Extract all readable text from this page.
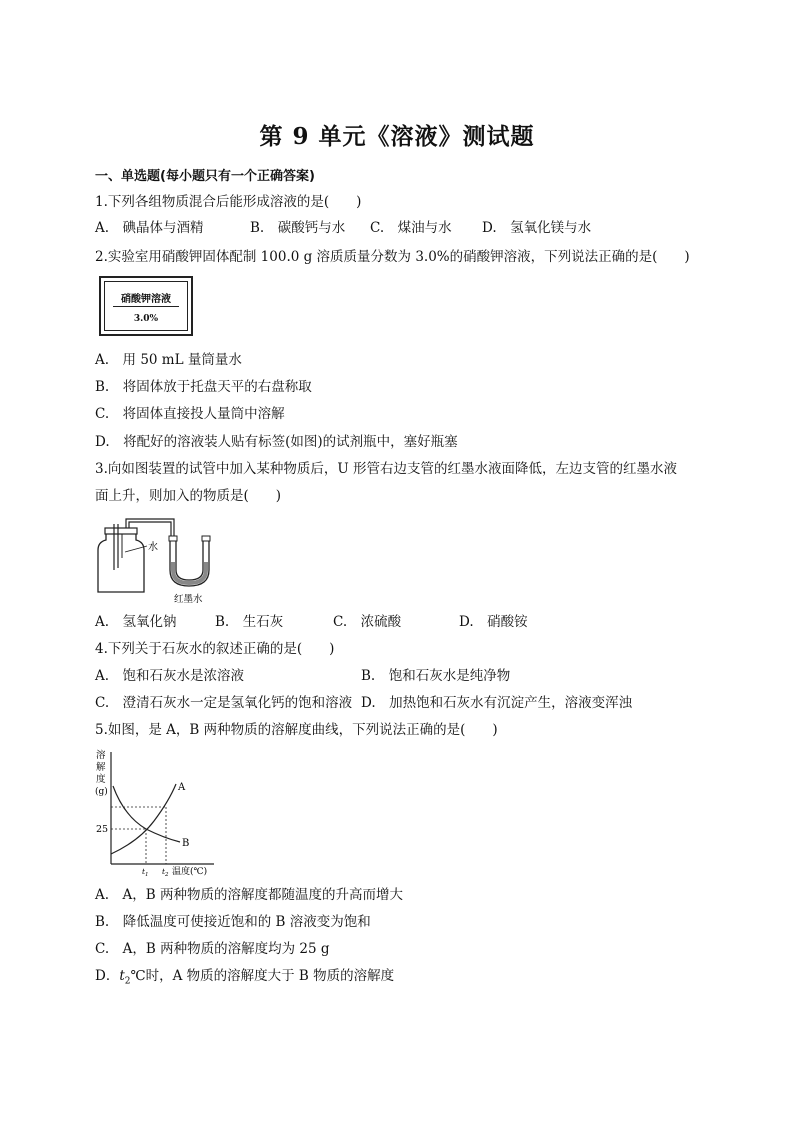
第 9 单元《溶液》测试题
一、单选题(每小题只有一个正确答案)
1.下列各组物质混合后能形成溶液的是(　　)
A.　碘晶体与酒精	B.　碳酸钙与水 C.　煤油与水 D.　氢氧化镁与水
2.实验室用硝酸钾固体配制 100.0 g 溶质质量分数为 3.0%的硝酸钾溶液，下列说法正确的是(　　)
硝酸钾溶液
3.0%
A.　用 50 mL 量筒量水
B.　将固体放于托盘天平的右盘称取
C.　将固体直接投人量筒中溶解
D.　将配好的溶液装人贴有标签(如图)的试剂瓶中，塞好瓶塞
3.向如图装置的试管中加入某种物质后，U 形管右边支管的红墨水液面降低，左边支管的红墨水液
面上升，则加入的物质是(　　)
水
红墨水
A.　氢氧化钠	B.　生石灰	C.　浓硫酸	D.　硝酸铵
4.下列关于石灰水的叙述正确的是(　　)
A.　饱和石灰水是浓溶液	B.　饱和石灰水是纯净物
C.　澄清石灰水一定是氢氧化钙的饱和溶液 D.　加热饱和石灰水有沉淀产生，溶液变浑浊
5.如图，是 A，B 两种物质的溶解度曲线，下列说法正确的是(　　)
溶
解
度
(g)	A
B
25
$t_1$ $t_2$ 温度(℃)
A.　A，B 两种物质的溶解度都随温度的升高而增大
B.　降低温度可使接近饱和的 B 溶液变为饱和
C.　A，B 两种物质的溶解度均为 25 g
D．$t_2℃$时，A 物质的溶解度大于 B 物质的溶解度
